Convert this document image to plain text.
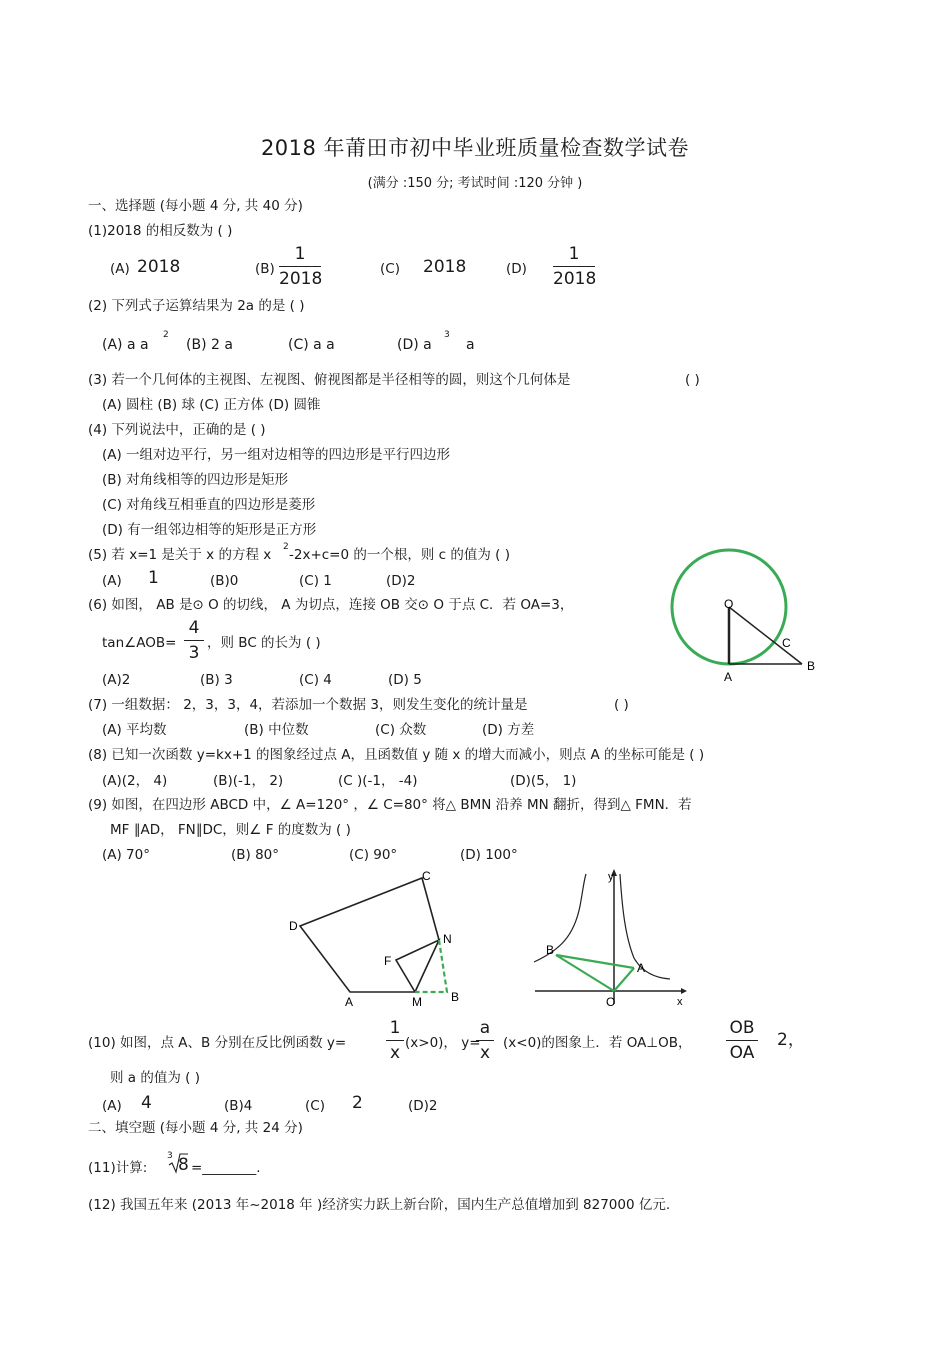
2018 年莆田市初中毕业班质量检查数学试卷
(满分 :150 分; 考试时间 :120 分钟 )
一、选择题 (每小题 4 分, 共 40 分)
(1)2018 的相反数为 ( )
(A) 2018	(B)
1
2018	(C) 2018	(D)
1
2018
(2) 下列式子运算结果为 2a 的是 ( )
(A) a a
2
(B) 2 a	(C) a a	(D) a
3
a
(3) 若一个几何体的主视图、左视图、俯视图都是半径相等的圆，则这个几何体是	( )
(A) 圆柱 (B) 球 (C) 正方体 (D) 圆锥
(4) 下列说法中，正确的是 ( )
(A) 一组对边平行，另一组对边相等的四边形是平行四边形
(B) 对角线相等的四边形是矩形
(C) 对角线互相垂直的四边形是菱形
(D) 有一组邻边相等的矩形是正方形
(5) 若 x=1 是关于 x 的方程 x 2 -2x+c=0 的一个根，则 c 的值为 ( )
(A) 1	(B)0	(C) 1	(D)2
(6) 如图， AB 是⊙ O 的切线， A 为切点，连接 OB 交⊙ O 于点 C．若 OA=3，
tan∠AOB=
4
3 ，则 BC 的长为 ( )
(A)2	(B) 3	(C) 4	(D) 5
O
A
B
C
(7) 一组数据： 2，3，3，4，若添加一个数据 3，则发生变化的统计量是	( )
(A) 平均数	(B) 中位数	(C) 众数	(D) 方差
(8) 已知一次函数 y=kx+1 的图象经过点 A，且函数值 y 随 x 的增大而减小，则点 A 的坐标可能是 ( )
(A)(2， 4)	(B)(-1， 2)	(C )(-1， -4)	(D)(5， 1)
(9) 如图，在四边形 ABCD 中，∠ A=120° ，∠ C=80° 将△ BMN 沿养 MN 翻折，得到△ FMN．若
MF ∥AD， FN∥DC，则∠ F 的度数为 ( )
(A) 70°	(B) 80°	(C) 90°	(D) 100°
A	B
C
D
F
M
N
y
x
O
A
B
(10) 如图，点 A、B 分别在反比例函数 y=
1
x (x>0)， y=
a
x (x<0)的图象上．若 OA⊥OB，
OB
OA
2，
则 a 的值为 ( )
(A) 4	(B)4	(C) 2	(D)2
二、填空题 (每小题 4 分, 共 24 分)
(11)计算:
3 8 =________.
(12) 我国五年来 (2013 年~2018 年 )经济实力跃上新台阶，国内生产总值增加到 827000 亿元.
